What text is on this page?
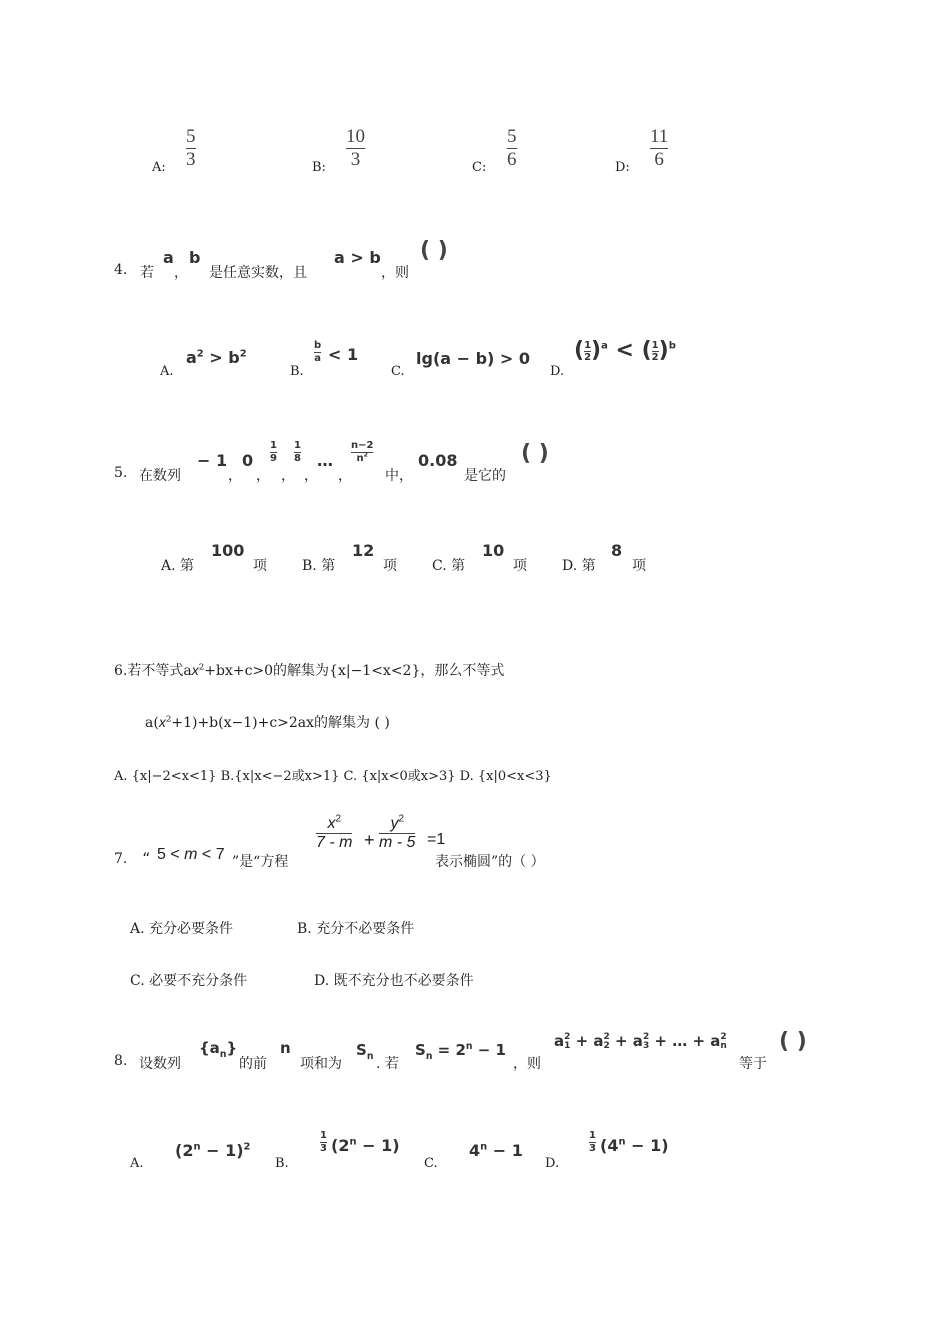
A:
5
3	B:
10
3	C:
5
6	D:
11
6
4. 若
a
，
b
是任意实数，且
a > b
，则
( )
A.
$a^2 > b^2$
B.
b
a < 1
C.
lg(a − b) > 0
D.
( $\frac{1}{2} )^a$ < ( $\frac{1}{2} )^b$
5. 在数列
− 1
，
0
，
1
9
，
1
8
，
…
，
n−2
$n^2$
中，
0.08
是它的
( )
A. 第
100
项	B. 第
12
项	C. 第
10
项	D. 第
8
项
6.若不等式$ax^2+bx+c>0$的解集为{x|−1<x<2}，那么不等式
$a(x^2+1)+b(x-1)+c>2ax$的解集为 ( )
A. {x|−2<x<1} B.{x|x<−2或x>1} C. {x|x<0或x>3} D. {x|0<x<3}
7. “ 5 < m < 7 ”是“方程
$x^2$
7 - m +
$y^2$
m - 5 =1
表示椭圆”的（ ）
A. 充分必要条件	B. 充分不必要条件
C. 必要不充分条件	D. 既不充分也不必要条件
8. 设数列
$\{a_n\}$
的前
n
项和为
$S_n$ . 若
$S_n = 2^n - 1$
，则
a 2
1 + a 2
2 + a 2
3 + … + a 2
n
等于
( )
A.
$(2^n - 1)^2$
B.
1
3 $(2^n - 1)$
C.
$4^n - 1$
D.
1
3 $(4^n - 1)$
